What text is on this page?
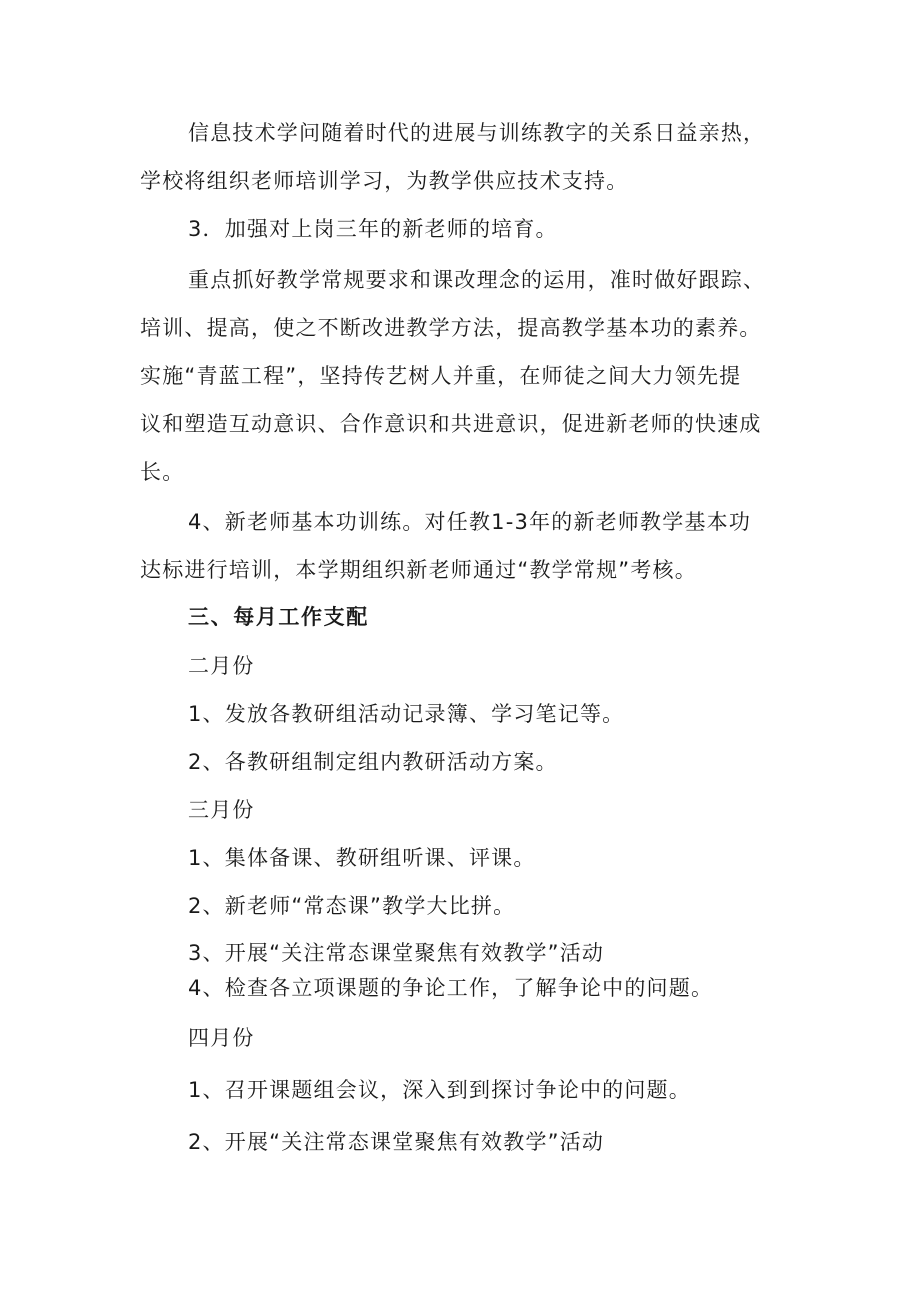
信息技术学问随着时代的进展与训练教字的关系日益亲热，
学校将组织老师培训学习，为教学供应技术支持。
3．加强对上岗三年的新老师的培育。
重点抓好教学常规要求和课改理念的运用，准时做好跟踪、
培训、提高，使之不断改进教学方法，提高教学基本功的素养。
实施“青蓝工程”，坚持传艺树人并重，在师徒之间大力领先提
议和塑造互动意识、合作意识和共进意识，促进新老师的快速成
长。
4、新老师基本功训练。对任教1-3年的新老师教学基本功
达标进行培训，本学期组织新老师通过“教学常规”考核。
三、每月工作支配
二月份
1、发放各教研组活动记录簿、学习笔记等。
2、各教研组制定组内教研活动方案。
三月份
1、集体备课、教研组听课、评课。
2、新老师“常态课”教学大比拼。
3、开展“关注常态课堂聚焦有效教学”活动
4、检查各立项课题的争论工作，了解争论中的问题。
四月份
1、召开课题组会议，深入到到探讨争论中的问题。
2、开展“关注常态课堂聚焦有效教学”活动
